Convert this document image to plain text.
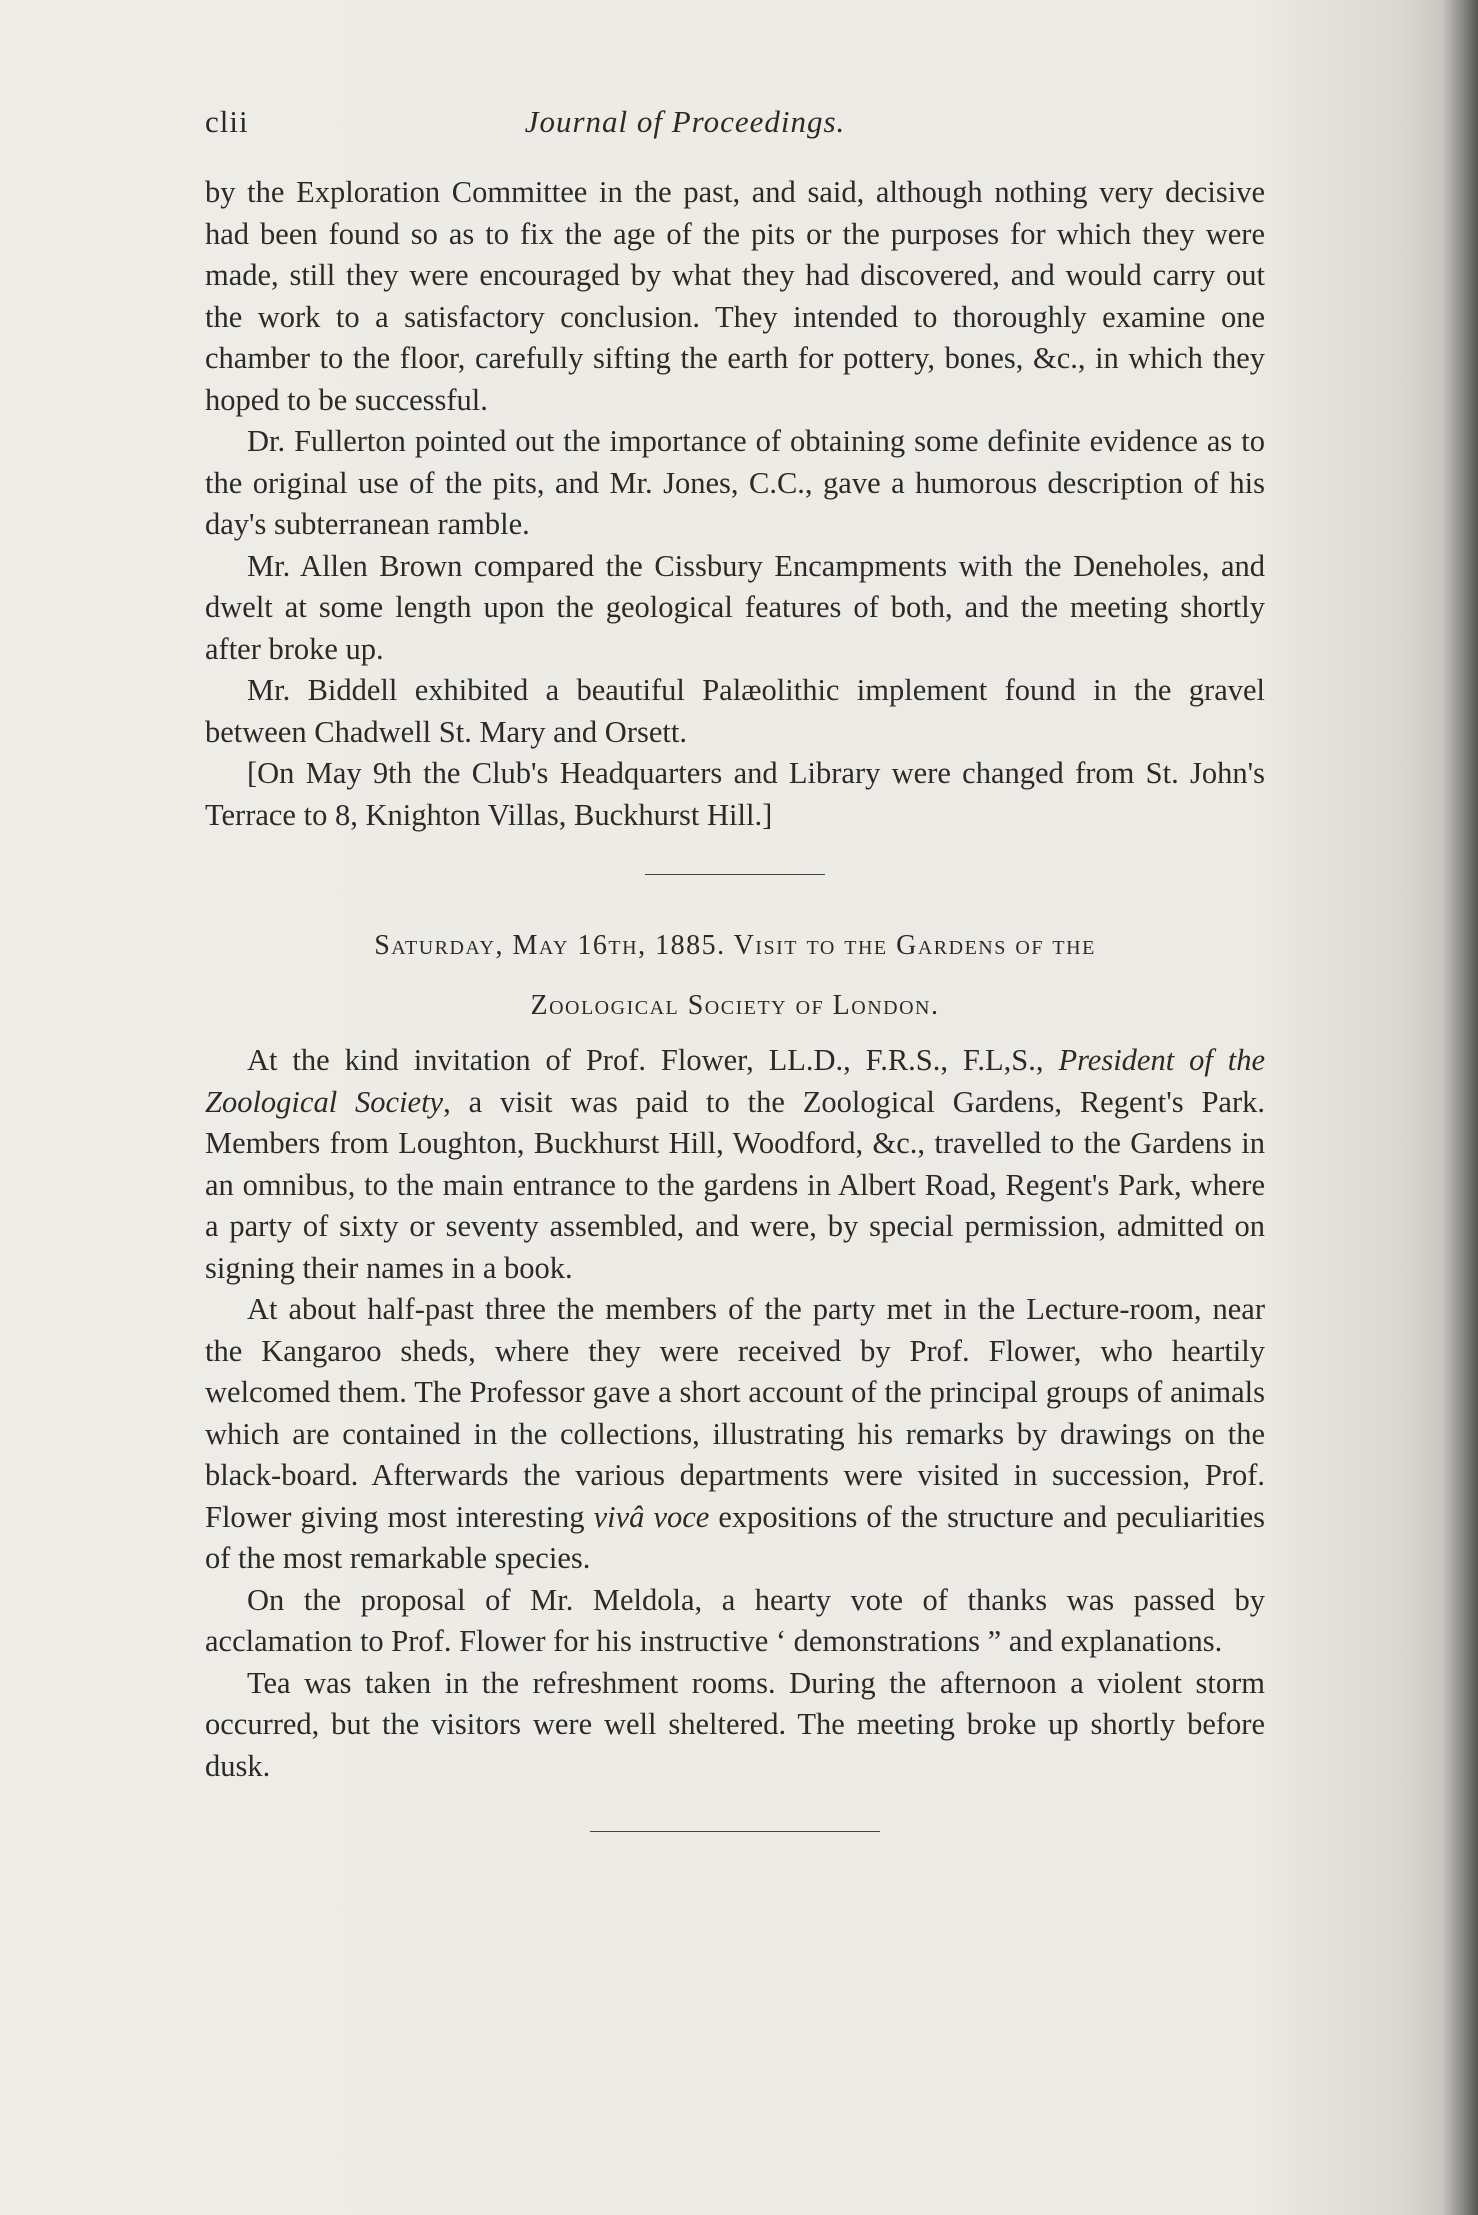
clii	Journal of Proceedings.

by the Exploration Committee in the past, and said, although nothing very decisive had been found so as to fix the age of the pits or the purposes for which they were made, still they were encouraged by what they had discovered, and would carry out the work to a satisfactory conclusion. They intended to thoroughly examine one chamber to the floor, carefully sifting the earth for pottery, bones, &c., in which they hoped to be successful.

Dr. Fullerton pointed out the importance of obtaining some definite evidence as to the original use of the pits, and Mr. Jones, C.C., gave a humorous description of his day's subterranean ramble.

Mr. Allen Brown compared the Cissbury Encampments with the Deneholes, and dwelt at some length upon the geological features of both, and the meeting shortly after broke up.

Mr. Biddell exhibited a beautiful Palæolithic implement found in the gravel between Chadwell St. Mary and Orsett.

[On May 9th the Club's Headquarters and Library were changed from St. John's Terrace to 8, Knighton Villas, Buckhurst Hill.]

Saturday, May 16th, 1885. Visit to the Gardens of the
Zoological Society of London.

At the kind invitation of Prof. Flower, LL.D., F.R.S., F.L,S., President of the Zoological Society, a visit was paid to the Zoological Gardens, Regent's Park. Members from Loughton, Buckhurst Hill, Woodford, &c., travelled to the Gardens in an omnibus, to the main entrance to the gardens in Albert Road, Regent's Park, where a party of sixty or seventy assembled, and were, by special permission, admitted on signing their names in a book.

At about half-past three the members of the party met in the Lecture-room, near the Kangaroo sheds, where they were received by Prof. Flower, who heartily welcomed them. The Professor gave a short account of the principal groups of animals which are contained in the collections, illustrating his remarks by drawings on the black-board. Afterwards the various departments were visited in succession, Prof. Flower giving most interesting vivâ voce expositions of the structure and peculiarities of the most remarkable species.

On the proposal of Mr. Meldola, a hearty vote of thanks was passed by acclamation to Prof. Flower for his instructive ‘ demonstrations ” and explanations.

Tea was taken in the refreshment rooms. During the afternoon a violent storm occurred, but the visitors were well sheltered. The meeting broke up shortly before dusk.
